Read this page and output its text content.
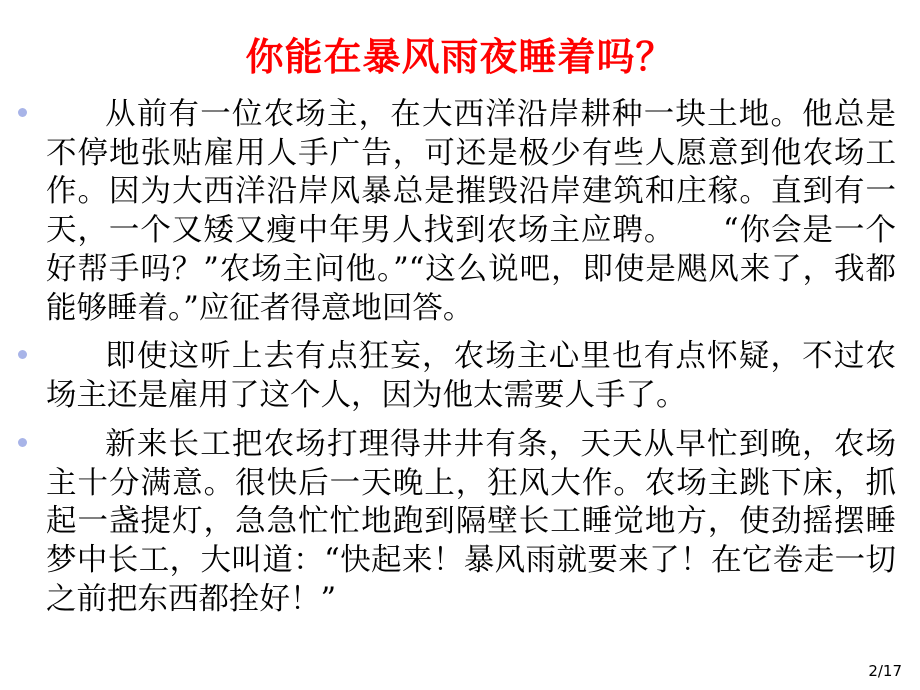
你能在暴风雨夜睡着吗？
从前有一位农场主，在大西洋沿岸耕种一块土地。他总是不停地张贴雇用人手广告，可还是极少有些人愿意到他农场工作。因为大西洋沿岸风暴总是摧毁沿岸建筑和庄稼。直到有一天，一个又矮又瘦中年男人找到农场主应聘。　　“你会是一个好帮手吗？”农场主问他。”“这么说吧，即使是飓风来了，我都能够睡着。”应征者得意地回答。
即使这听上去有点狂妄，农场主心里也有点怀疑，不过农场主还是雇用了这个人，因为他太需要人手了。
新来长工把农场打理得井井有条，天天从早忙到晚，农场主十分满意。很快后一天晚上，狂风大作。农场主跳下床，抓起一盏提灯，急急忙忙地跑到隔壁长工睡觉地方，使劲摇摆睡梦中长工，大叫道：“快起来！暴风雨就要来了！在它卷走一切之前把东西都拴好！”
2/17
